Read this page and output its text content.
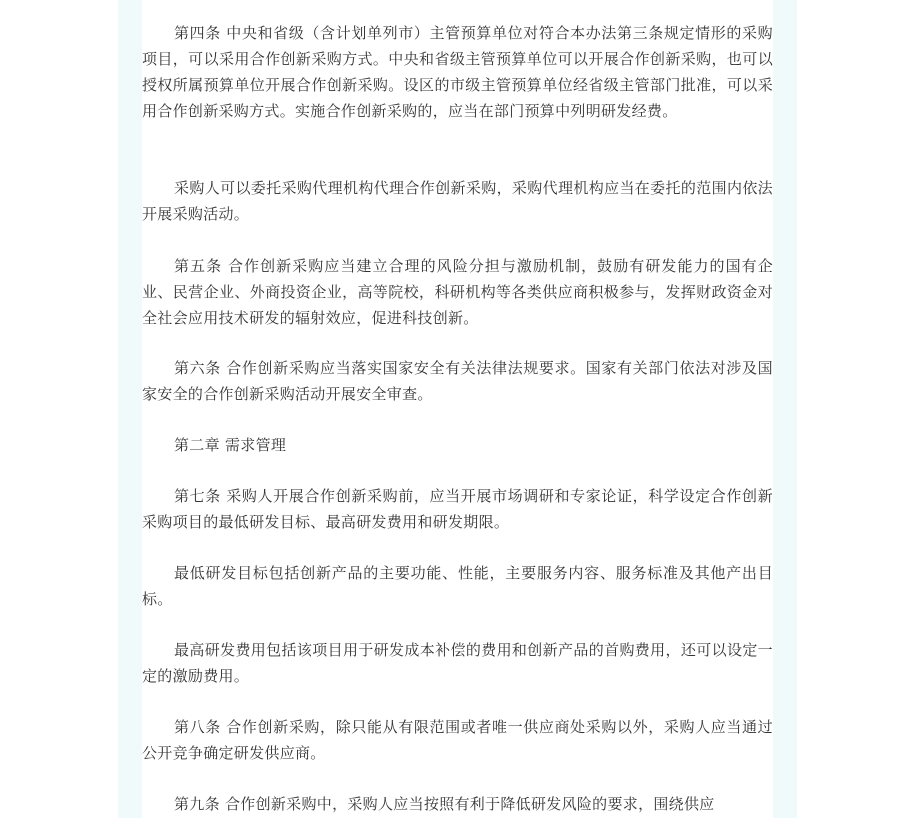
第四条 中央和省级（含计划单列市）主管预算单位对符合本办法第三条规定情形的采购项目，可以采用合作创新采购方式。中央和省级主管预算单位可以开展合作创新采购，也可以授权所属预算单位开展合作创新采购。设区的市级主管预算单位经省级主管部门批准，可以采用合作创新采购方式。实施合作创新采购的，应当在部门预算中列明研发经费。

采购人可以委托采购代理机构代理合作创新采购，采购代理机构应当在委托的范围内依法开展采购活动。

第五条 合作创新采购应当建立合理的风险分担与激励机制，鼓励有研发能力的国有企业、民营企业、外商投资企业，高等院校，科研机构等各类供应商积极参与，发挥财政资金对全社会应用技术研发的辐射效应，促进科技创新。

第六条 合作创新采购应当落实国家安全有关法律法规要求。国家有关部门依法对涉及国家安全的合作创新采购活动开展安全审查。

第二章 需求管理

第七条 采购人开展合作创新采购前，应当开展市场调研和专家论证，科学设定合作创新采购项目的最低研发目标、最高研发费用和研发期限。

最低研发目标包括创新产品的主要功能、性能，主要服务内容、服务标准及其他产出目标。

最高研发费用包括该项目用于研发成本补偿的费用和创新产品的首购费用，还可以设定一定的激励费用。

第八条 合作创新采购，除只能从有限范围或者唯一供应商处采购以外，采购人应当通过公开竞争确定研发供应商。

第九条 合作创新采购中，采购人应当按照有利于降低研发风险的要求，围绕供应
